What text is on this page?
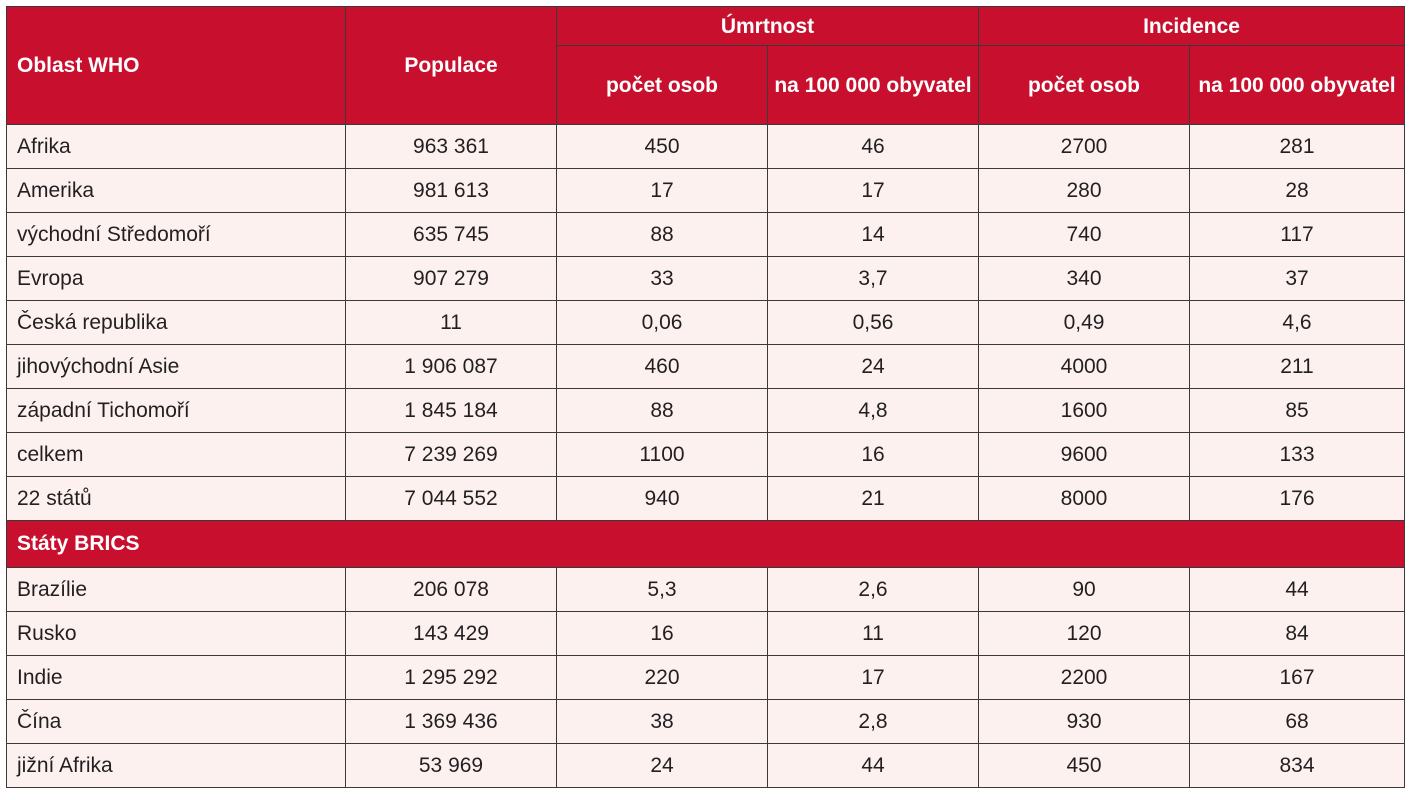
Oblast WHO	Populace	Úmrtnost		Incidence	
		počet osob	na 100 000 obyvatel	počet osob	na 100 000 obyvatel
Afrika	963 361	450	46	2700	281
Amerika	981 613	17	17	280	28
východní Středomoří	635 745	88	14	740	117
Evropa	907 279	33	3,7	340	37
Česká republika	11	0,06	0,56	0,49	4,6
jihovýchodní Asie	1 906 087	460	24	4000	211
západní Tichomoří	1 845 184	88	4,8	1600	85
celkem	7 239 269	1100	16	9600	133
22 států	7 044 552	940	21	8000	176
Státy BRICS					
Brazílie	206 078	5,3	2,6	90	44
Rusko	143 429	16	11	120	84
Indie	1 295 292	220	17	2200	167
Čína	1 369 436	38	2,8	930	68
jižní Afrika	53 969	24	44	450	834
